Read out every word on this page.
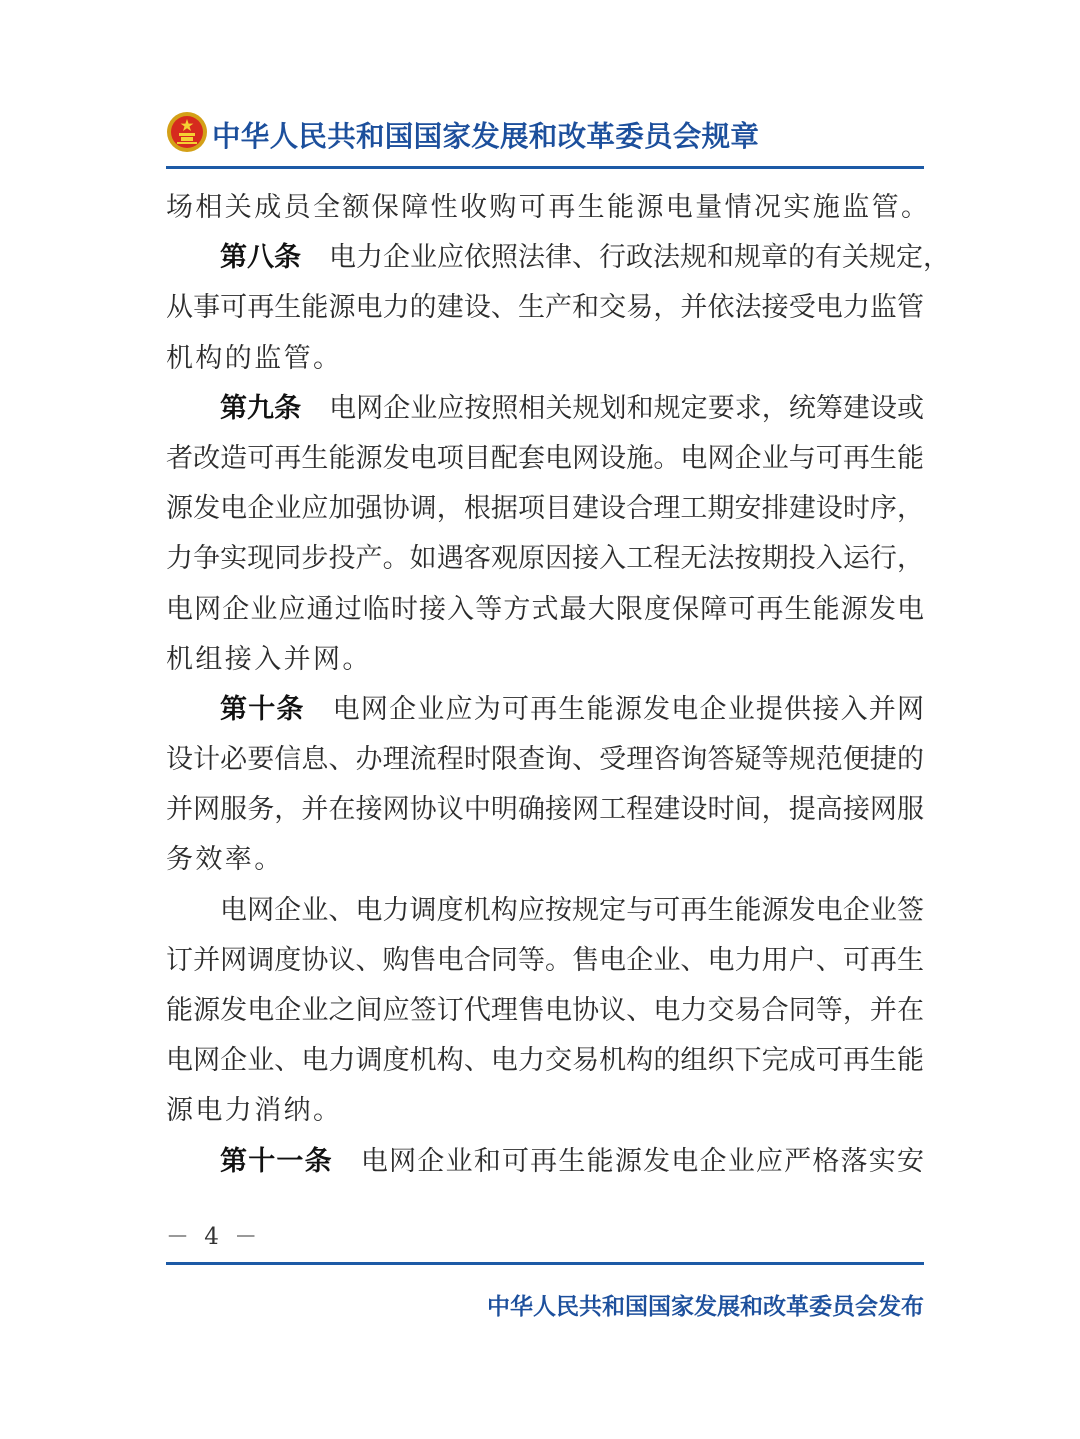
中华人民共和国国家发展和改革委员会规章
场相关成员全额保障性收购可再生能源电量情况实施监管。
第八条 电力企业应依照法律、行政法规和规章的有关规定，
从事可再生能源电力的建设、生产和交易，并依法接受电力监管
机构的监管。
第九条 电网企业应按照相关规划和规定要求，统筹建设或
者改造可再生能源发电项目配套电网设施。电网企业与可再生能
源发电企业应加强协调，根据项目建设合理工期安排建设时序，
力争实现同步投产。如遇客观原因接入工程无法按期投入运行，
电网企业应通过临时接入等方式最大限度保障可再生能源发电
机组接入并网。
第十条 电网企业应为可再生能源发电企业提供接入并网
设计必要信息、办理流程时限查询、受理咨询答疑等规范便捷的
并网服务，并在接网协议中明确接网工程建设时间，提高接网服
务效率。
电网企业、电力调度机构应按规定与可再生能源发电企业签
订并网调度协议、购售电合同等。售电企业、电力用户、可再生
能源发电企业之间应签订代理售电协议、电力交易合同等，并在
电网企业、电力调度机构、电力交易机构的组织下完成可再生能
源电力消纳。
第十一条 电网企业和可再生能源发电企业应严格落实安
－ 4 －
中华人民共和国国家发展和改革委员会发布
